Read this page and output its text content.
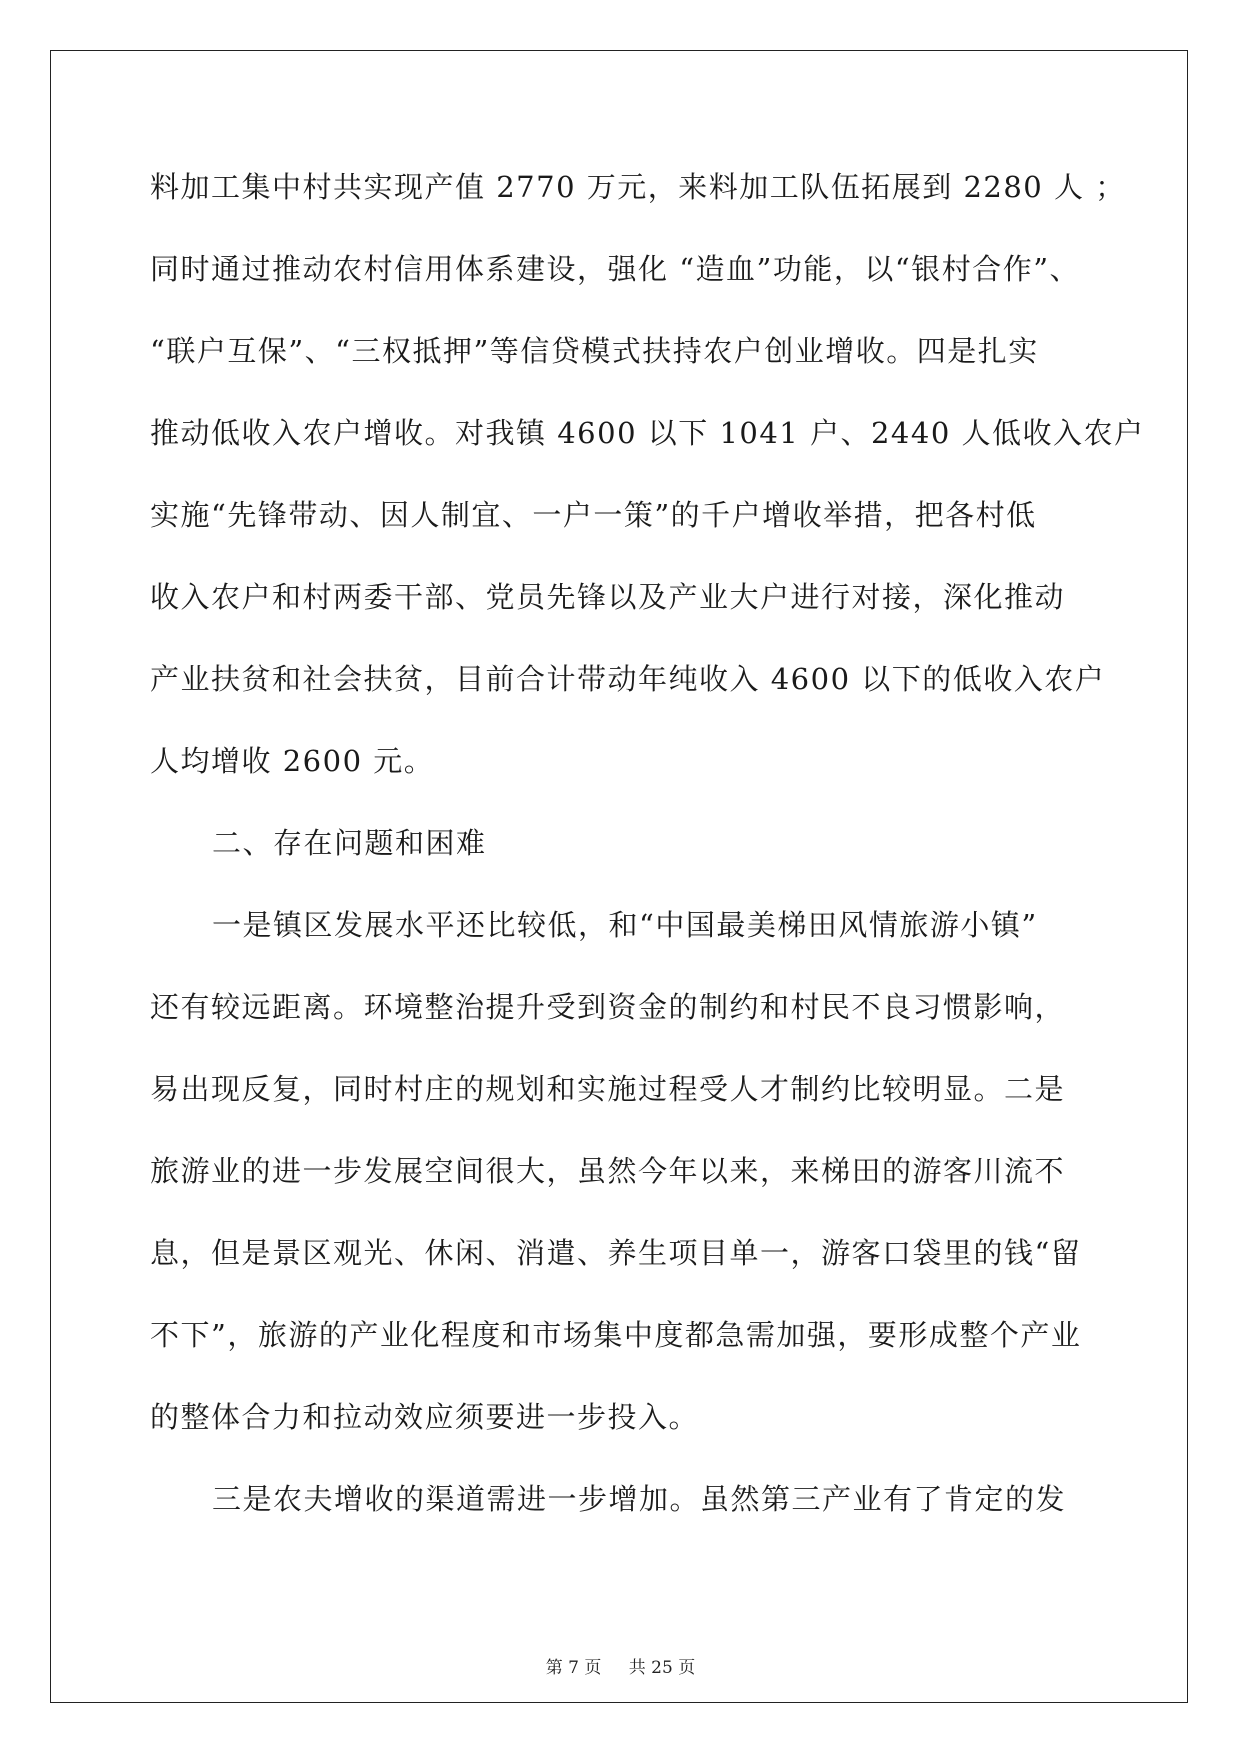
料加工集中村共实现产值 2770 万元，来料加工队伍拓展到 2280 人 ；
同时通过推动农村信用体系建设，强化 “造血”功能，以“银村合作”、
“联户互保”、“三权抵押”等信贷模式扶持农户创业增收。四是扎实
推动低收入农户增收。对我镇 4600 以下 1041 户、2440 人低收入农户
实施“先锋带动、因人制宜、一户一策”的千户增收举措，把各村低
收入农户和村两委干部、党员先锋以及产业大户进行对接，深化推动
产业扶贫和社会扶贫，目前合计带动年纯收入 4600 以下的低收入农户
人均增收 2600 元。
二、存在问题和困难
一是镇区发展水平还比较低，和“中国最美梯田风情旅游小镇”
还有较远距离。环境整治提升受到资金的制约和村民不良习惯影响，
易出现反复，同时村庄的规划和实施过程受人才制约比较明显。二是
旅游业的进一步发展空间很大，虽然今年以来，来梯田的游客川流不
息，但是景区观光、休闲、消遣、养生项目单一，游客口袋里的钱“留
不下”，旅游的产业化程度和市场集中度都急需加强，要形成整个产业
的整体合力和拉动效应须要进一步投入。
三是农夫增收的渠道需进一步增加。虽然第三产业有了肯定的发
第 7 页 共 25 页
